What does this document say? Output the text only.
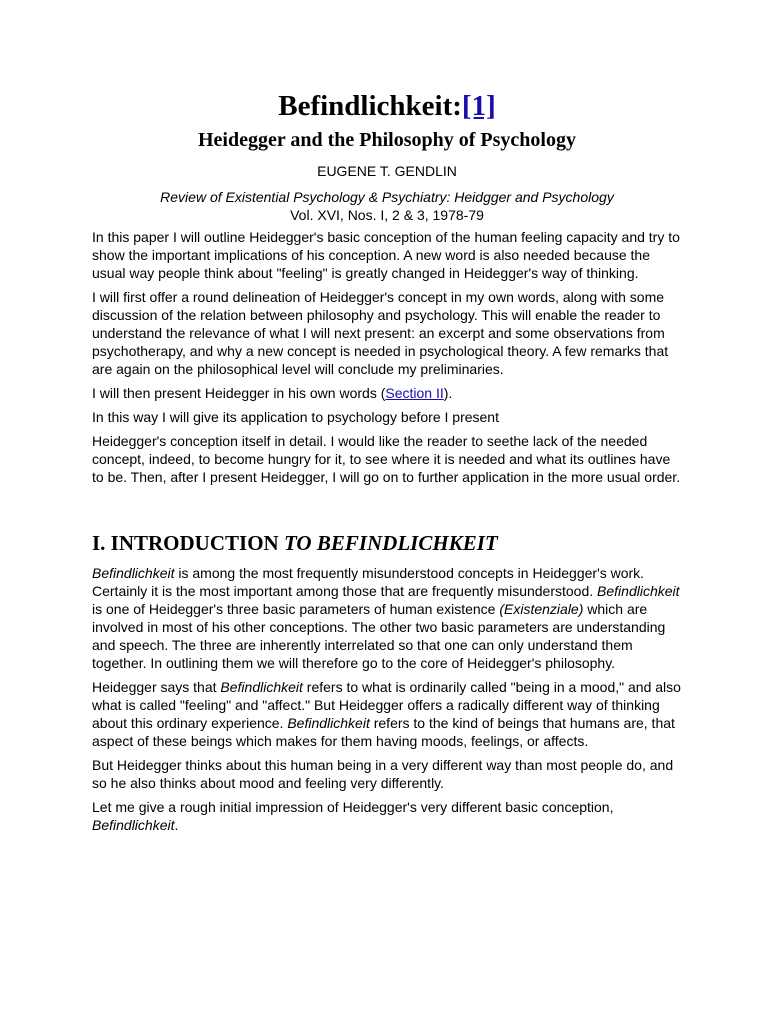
Befindlichkeit:[1]
Heidegger and the Philosophy of Psychology
EUGENE T. GENDLIN
Review of Existential Psychology & Psychiatry: Heidgger and Psychology
Vol. XVI, Nos. I, 2 & 3, 1978-79

In this paper I will outline Heidegger's basic conception of the human feeling capacity and try to show the important implications of his conception. A new word is also needed because the usual way people think about "feeling" is greatly changed in Heidegger's way of thinking.

I will first offer a round delineation of Heidegger's concept in my own words, along with some discussion of the relation between philosophy and psychology. This will enable the reader to understand the relevance of what I will next present: an excerpt and some observations from psychotherapy, and why a new concept is needed in psychological theory. A few remarks that are again on the philosophical level will conclude my preliminaries.

I will then present Heidegger in his own words (Section II).

In this way I will give its application to psychology before I present

Heidegger's conception itself in detail. I would like the reader to seethe lack of the needed concept, indeed, to become hungry for it, to see where it is needed and what its outlines have to be. Then, after I present Heidegger, I will go on to further application in the more usual order.

I. INTRODUCTION TO BEFINDLICHKEIT

Befindlichkeit is among the most frequently misunderstood concepts in Heidegger's work. Certainly it is the most important among those that are frequently misunderstood. Befindlichkeit is one of Heidegger's three basic parameters of human existence (Existenziale) which are involved in most of his other conceptions. The other two basic parameters are understanding and speech. The three are inherently interrelated so that one can only understand them together. In outlining them we will therefore go to the core of Heidegger's philosophy.

Heidegger says that Befindlichkeit refers to what is ordinarily called "being in a mood," and also what is called "feeling" and "affect." But Heidegger offers a radically different way of thinking about this ordinary experience. Befindlichkeit refers to the kind of beings that humans are, that aspect of these beings which makes for them having moods, feelings, or affects.

But Heidegger thinks about this human being in a very different way than most people do, and so he also thinks about mood and feeling very differently.

Let me give a rough initial impression of Heidegger's very different basic conception, Befindlichkeit.
